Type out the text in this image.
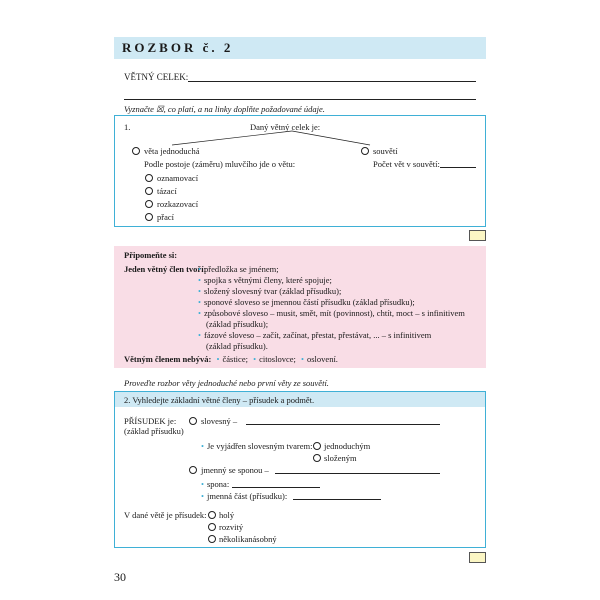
ROZBOR č. 2
VĚTNÝ CELEK:
Vyznačte ☒, co platí, a na linky doplňte požadované údaje.
1.	Daný větný celek je:
věta jednoduchá	souvětí
Podle postoje (záměru) mluvčího jde o větu:	Počet vět v souvětí:
oznamovací
tázací
rozkazovací
přací
Připomeňte si:
Jeden větný člen tvoří:
• předložka se jménem;
• spojka s větnými členy, které spojuje;
• složený slovesný tvar (základ přísudku);
• sponové sloveso se jmennou částí přísudku (základ přísudku);
• způsobové sloveso – musit, smět, mít (povinnost), chtít, moct – s infinitivem
(základ přísudku);
• fázové sloveso – začít, začínat, přestat, přestávat, ... – s infinitivem
(základ přísudku).
Větným členem nebývá: • částice; • citoslovce; • oslovení.
Proveďte rozbor věty jednoduché nebo první věty ze souvětí.
2. Vyhledejte základní větné členy – přísudek a podmět.
PŘÍSUDEK je:
(základ přísudku)
slovesný –
• Je vyjádřen slovesným tvarem: jednoduchým
složeným
jmenný se sponou –
• spona:
• jmenná část (přísudku):
V dané větě je přísudek: holý
rozvitý
několikanásobný
30
